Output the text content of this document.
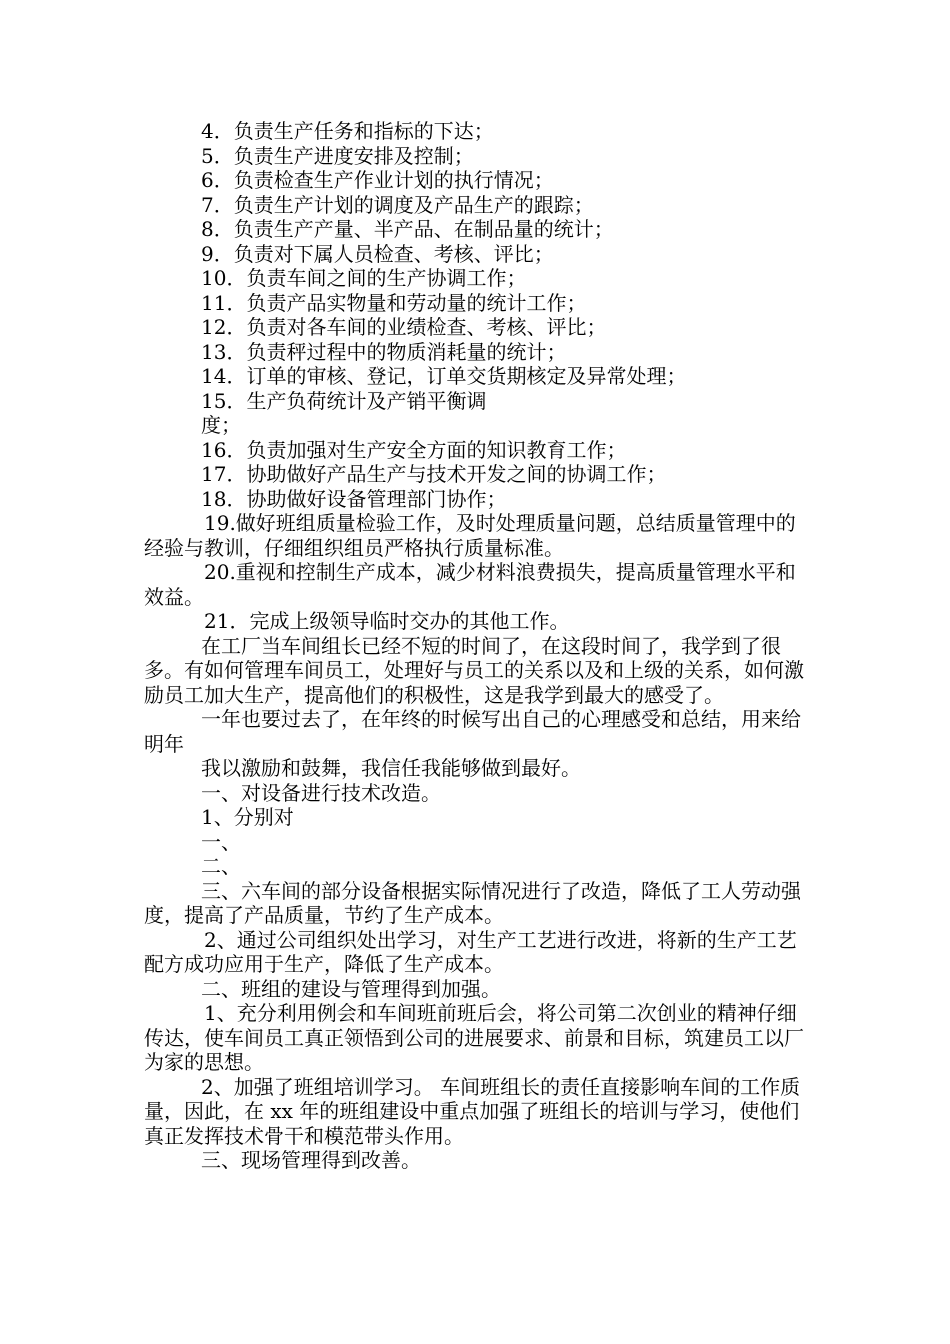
4．负责生产任务和指标的下达；

5．负责生产进度安排及控制；

6．负责检查生产作业计划的执行情况；

7．负责生产计划的调度及产品生产的跟踪；

8．负责生产产量、半产品、在制品量的统计；

9．负责对下属人员检查、考核、评比；

10．负责车间之间的生产协调工作；

11．负责产品实物量和劳动量的统计工作；

12．负责对各车间的业绩检查、考核、评比；

13．负责秤过程中的物质消耗量的统计；

14．订单的审核、登记，订单交货期核定及异常处理；

15．生产负荷统计及产销平衡调

度；

16．负责加强对生产安全方面的知识教育工作；

17．协助做好产品生产与技术开发之间的协调工作；

18．协助做好设备管理部门协作；

19.做好班组质量检验工作，及时处理质量问题，总结质量管理中的经验与教训，仔细组织组员严格执行质量标准。

20.重视和控制生产成本，减少材料浪费损失，提高质量管理水平和效益。

21．完成上级领导临时交办的其他工作。

在工厂当车间组长已经不短的时间了，在这段时间了，我学到了很多。有如何管理车间员工，处理好与员工的关系以及和上级的关系，如何激励员工加大生产，提高他们的积极性，这是我学到最大的感受了。

一年也要过去了，在年终的时候写出自己的心理感受和总结，用来给明年

我以激励和鼓舞，我信任我能够做到最好。

一、对设备进行技术改造。

1、分别对

一、

二、

三、六车间的部分设备根据实际情况进行了改造，降低了工人劳动强度，提高了产品质量，节约了生产成本。

2、通过公司组织处出学习，对生产工艺进行改进，将新的生产工艺配方成功应用于生产，降低了生产成本。

二、班组的建设与管理得到加强。

1、充分利用例会和车间班前班后会，将公司第二次创业的精神仔细传达，使车间员工真正领悟到公司的进展要求、前景和目标，筑建员工以厂为家的思想。

2、加强了班组培训学习。 车间班组长的责任直接影响车间的工作质量，因此，在 xx 年的班组建设中重点加强了班组长的培训与学习，使他们真正发挥技术骨干和模范带头作用。

三、现场管理得到改善。
